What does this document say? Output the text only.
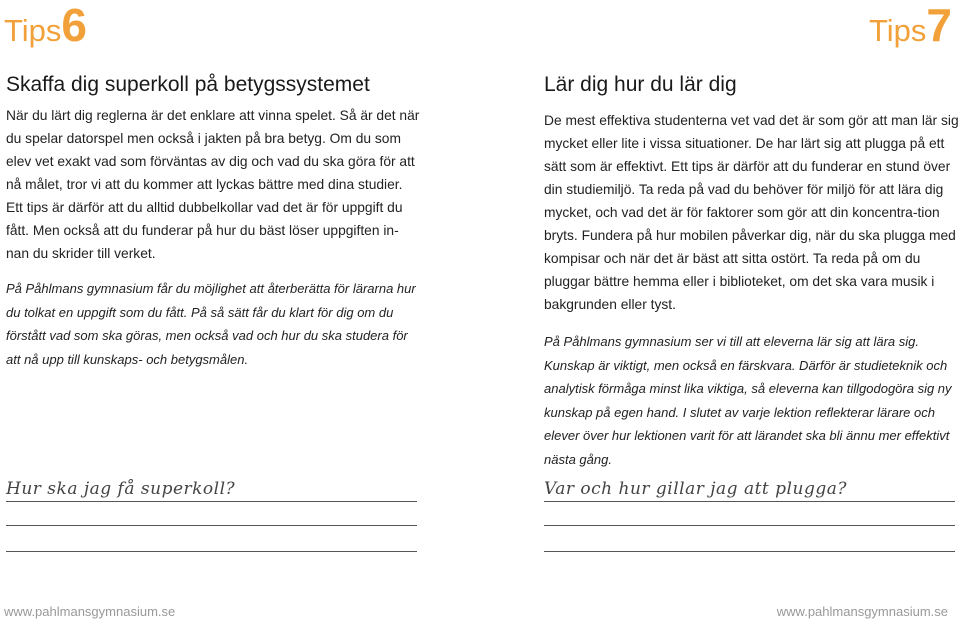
Tips6	Tips7
Skaffa dig superkoll på betygssystemet

När du lärt dig reglerna är det enklare att vinna spelet. Så är det när du spelar datorspel men också i jakten på bra betyg. Om du som elev vet exakt vad som förväntas av dig och vad du ska göra för att nå målet, tror vi att du kommer att lyckas bättre med dina studier. Ett tips är därför att du alltid dubbelkollar vad det är för uppgift du fått. Men också att du funderar på hur du bäst löser uppgiften in-nan du skrider till verket.

På Påhlmans gymnasium får du möjlighet att återberätta för lärarna hur du tolkat en uppgift som du fått. På så sätt får du klart för dig om du förstått vad som ska göras, men också vad och hur du ska studera för att nå upp till kunskaps- och betygsmålen.

Lär dig hur du lär dig

De mest effektiva studenterna vet vad det är som gör att man lär sig mycket eller lite i vissa situationer. De har lärt sig att plugga på ett sätt som är effektivt. Ett tips är därför att du funderar en stund över din studiemiljö. Ta reda på vad du behöver för miljö för att lära dig mycket, och vad det är för faktorer som gör att din koncentra-tion bryts. Fundera på hur mobilen påverkar dig, när du ska plugga med kompisar och när det är bäst att sitta ostört. Ta reda på om du pluggar bättre hemma eller i biblioteket, om det ska vara musik i bakgrunden eller tyst.

På Påhlmans gymnasium ser vi till att eleverna lär sig att lära sig. Kunskap är viktigt, men också en färskvara. Därför är studieteknik och analytisk förmåga minst lika viktiga, så eleverna kan tillgodogöra sig ny kunskap på egen hand. I slutet av varje lektion reflekterar lärare och elever över hur lektionen varit för att lärandet ska bli ännu mer effektivt nästa gång.

Hur ska jag få superkoll?	Var och hur gillar jag att plugga?
www.pahlmansgymnasium.se	www.pahlmansgymnasium.se
